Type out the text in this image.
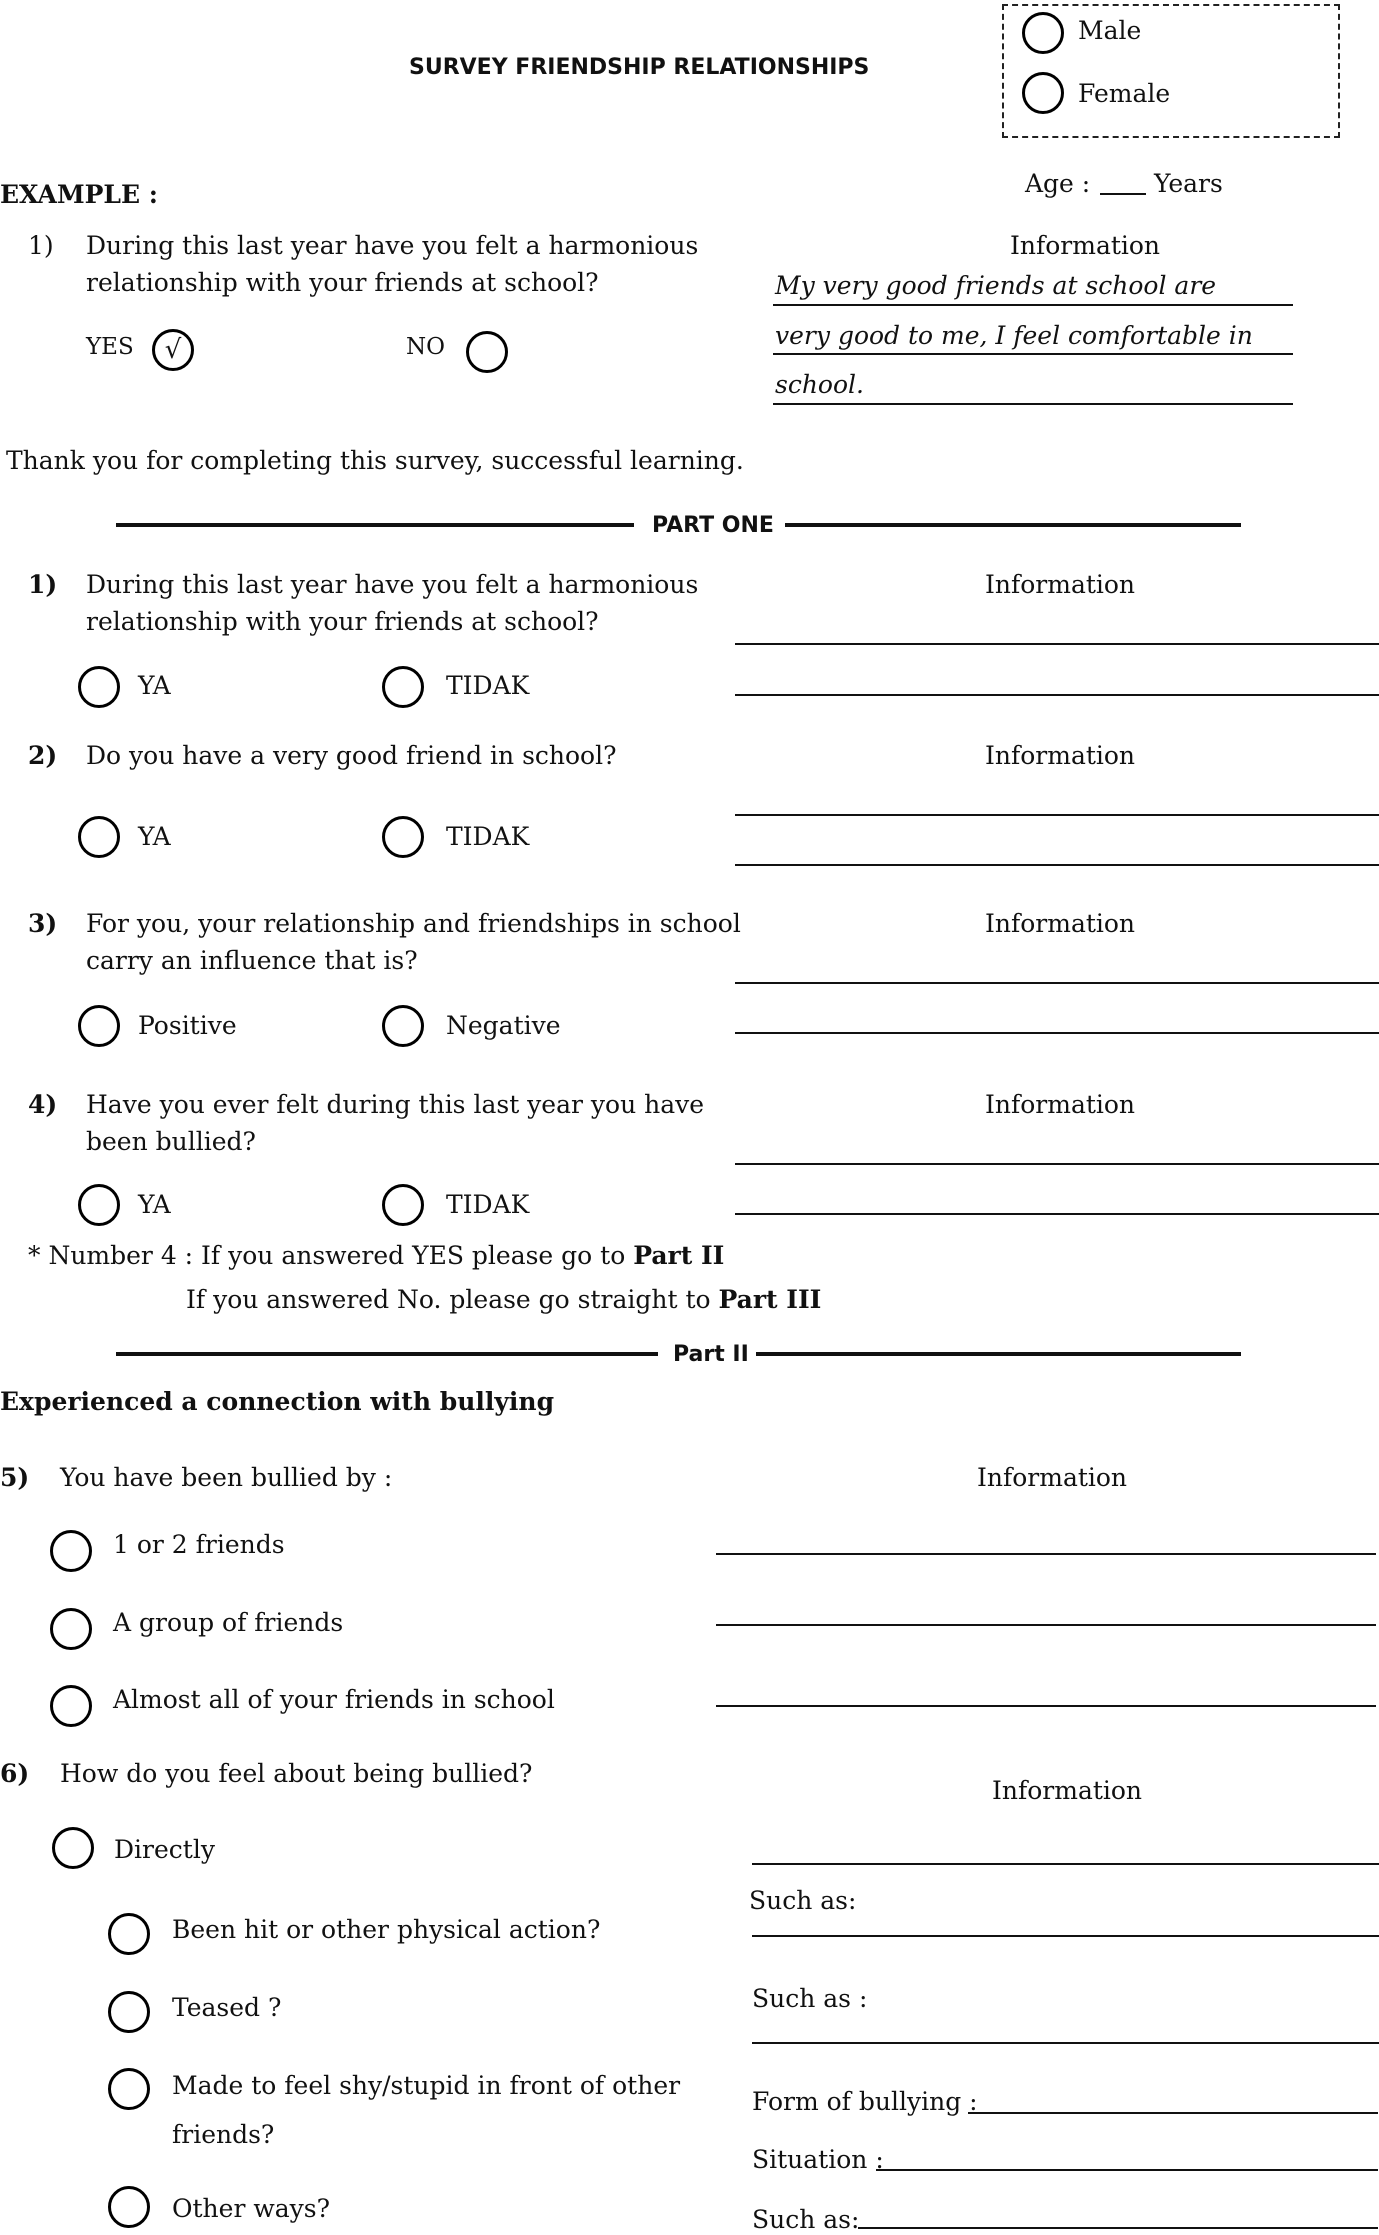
SURVEY FRIENDSHIP RELATIONSHIPS
Male
Female
Age :	Years
EXAMPLE :
1) During this last year have you felt a harmonious
relationship with your friends at school?
YES	√	NO
Information
My very good friends at school are
very good to me, I feel comfortable in
school.
Thank you for completing this survey, successful learning.
PART ONE
1) During this last year have you felt a harmonious
relationship with your friends at school?
YA	TIDAK
Information
2) Do you have a very good friend in school?
YA	TIDAK
Information
3) For you, your relationship and friendships in school
carry an influence that is?
Positive	Negative
Information
4) Have you ever felt during this last year you have
been bullied?
YA	TIDAK
Information
* Number 4 : If you answered YES please go to Part II
If you answered No. please go straight to Part III
Part II
Experienced a connection with bullying
5) You have been bullied by :	Information
1 or 2 friends
A group of friends
Almost all of your friends in school
6) How do you feel about being bullied?
Information
Directly
Been hit or other physical action?
Such as:
Teased ?	Such as :
Made to feel shy/stupid in front of other
friends?
Form of bullying :
Situation :
Other ways?	Such as:
